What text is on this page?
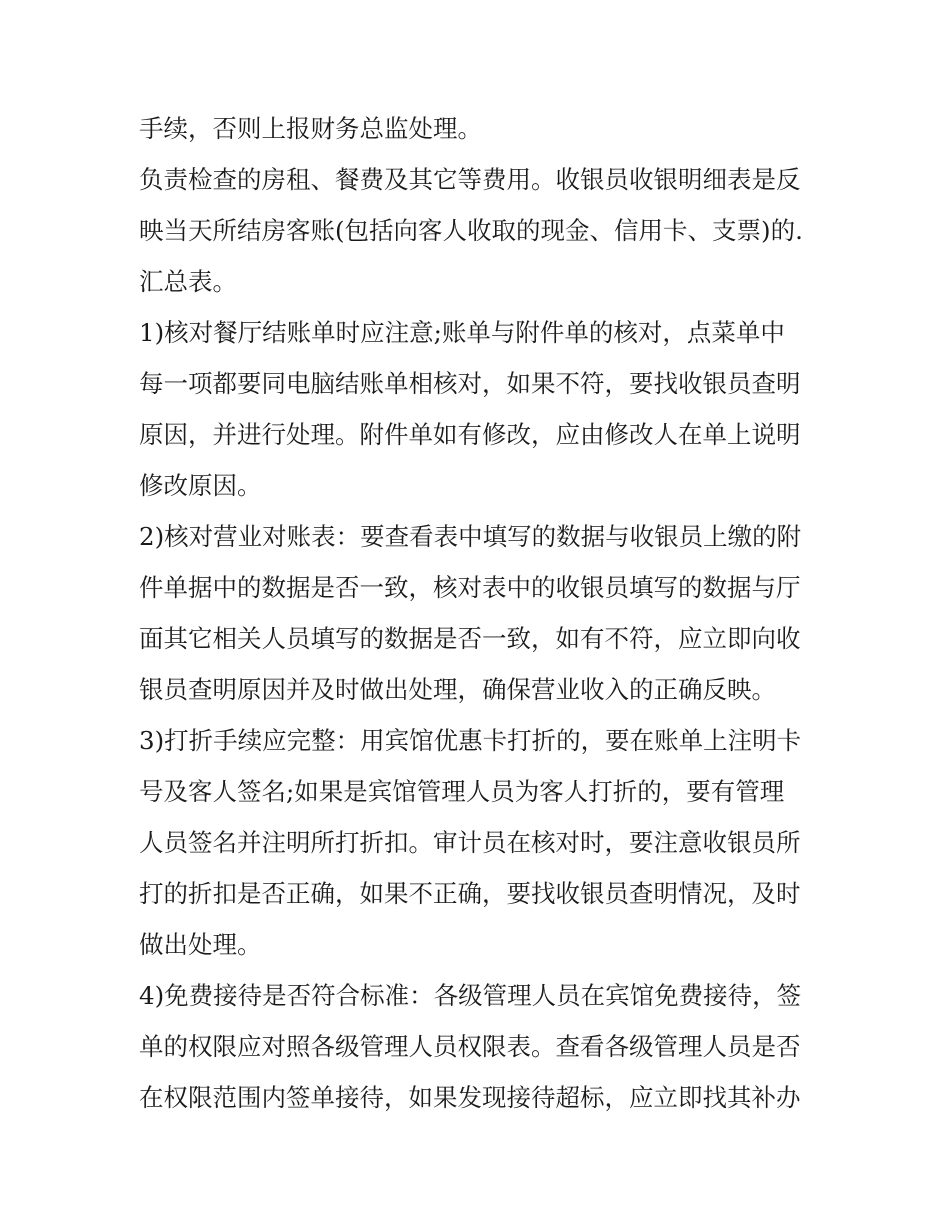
手续，否则上报财务总监处理。
负责检查的房租、餐费及其它等费用。收银员收银明细表是反
映当天所结房客账(包括向客人收取的现金、信用卡、支票)的.
汇总表。
1)核对餐厅结账单时应注意;账单与附件单的核对，点菜单中
每一项都要同电脑结账单相核对，如果不符，要找收银员查明
原因，并进行处理。附件单如有修改，应由修改人在单上说明
修改原因。
2)核对营业对账表：要查看表中填写的数据与收银员上缴的附
件单据中的数据是否一致，核对表中的收银员填写的数据与厅
面其它相关人员填写的数据是否一致，如有不符，应立即向收
银员查明原因并及时做出处理，确保营业收入的正确反映。
3)打折手续应完整：用宾馆优惠卡打折的，要在账单上注明卡
号及客人签名;如果是宾馆管理人员为客人打折的，要有管理
人员签名并注明所打折扣。审计员在核对时，要注意收银员所
打的折扣是否正确，如果不正确，要找收银员查明情况，及时
做出处理。
4)免费接待是否符合标准：各级管理人员在宾馆免费接待，签
单的权限应对照各级管理人员权限表。查看各级管理人员是否
在权限范围内签单接待，如果发现接待超标，应立即找其补办
